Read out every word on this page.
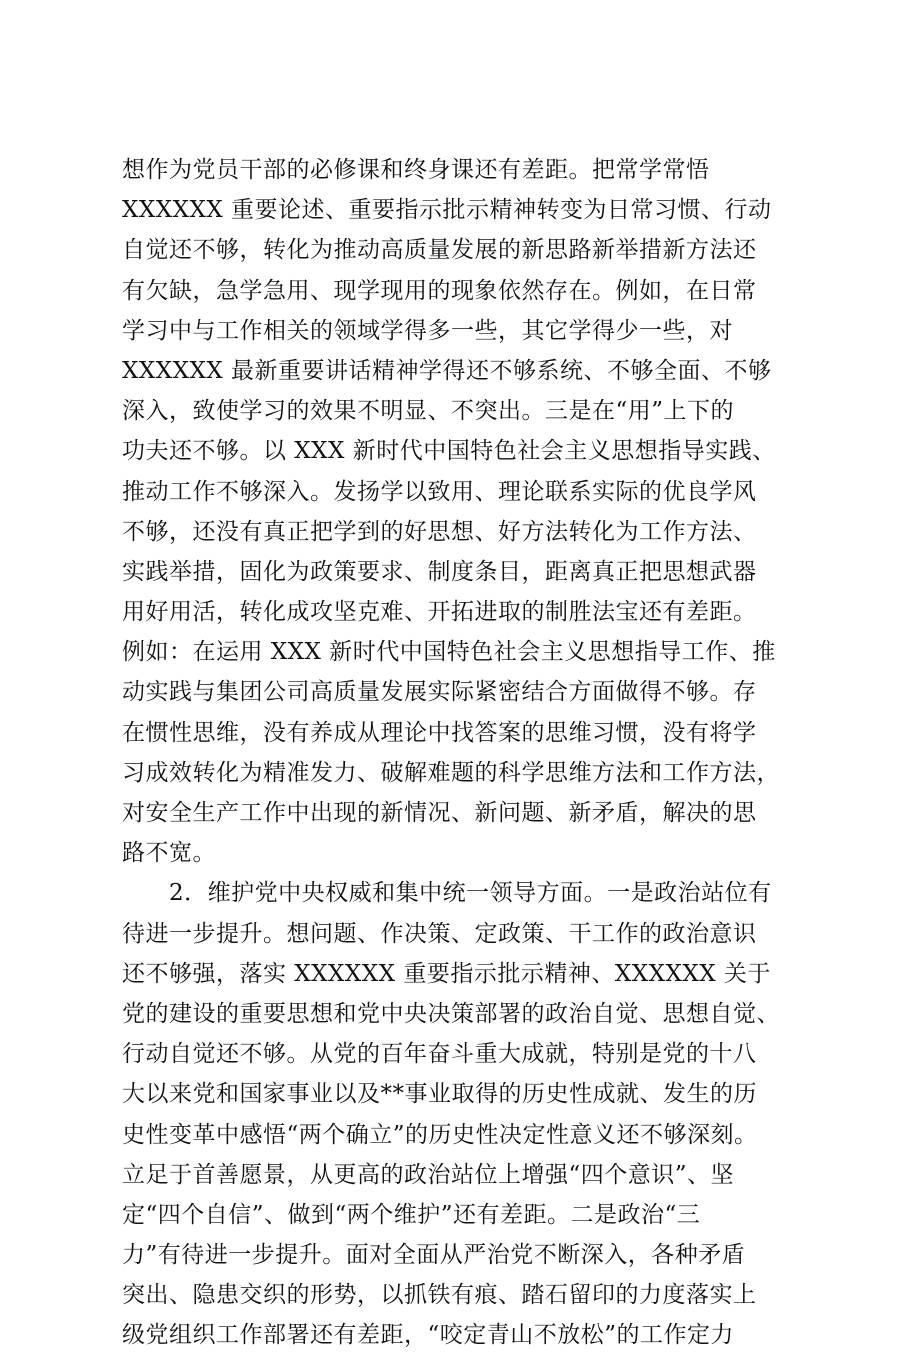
想作为党员干部的必修课和终身课还有差距。把常学常悟
XXXXXX 重要论述、重要指示批示精神转变为日常习惯、行动
自觉还不够，转化为推动高质量发展的新思路新举措新方法还
有欠缺，急学急用、现学现用的现象依然存在。例如，在日常
学习中与工作相关的领域学得多一些，其它学得少一些，对
XXXXXX 最新重要讲话精神学得还不够系统、不够全面、不够
深入，致使学习的效果不明显、不突出。三是在“用”上下的
功夫还不够。以 XXX 新时代中国特色社会主义思想指导实践、
推动工作不够深入。发扬学以致用、理论联系实际的优良学风
不够，还没有真正把学到的好思想、好方法转化为工作方法、
实践举措，固化为政策要求、制度条目，距离真正把思想武器
用好用活，转化成攻坚克难、开拓进取的制胜法宝还有差距。
例如：在运用 XXX 新时代中国特色社会主义思想指导工作、推
动实践与集团公司高质量发展实际紧密结合方面做得不够。存
在惯性思维，没有养成从理论中找答案的思维习惯，没有将学
习成效转化为精准发力、破解难题的科学思维方法和工作方法，
对安全生产工作中出现的新情况、新问题、新矛盾，解决的思
路不宽。
　　2．维护党中央权威和集中统一领导方面。一是政治站位有
待进一步提升。想问题、作决策、定政策、干工作的政治意识
还不够强，落实 XXXXXX 重要指示批示精神、XXXXXX 关于
党的建设的重要思想和党中央决策部署的政治自觉、思想自觉、
行动自觉还不够。从党的百年奋斗重大成就，特别是党的十八
大以来党和国家事业以及**事业取得的历史性成就、发生的历
史性变革中感悟“两个确立”的历史性决定性意义还不够深刻。
立足于首善愿景，从更高的政治站位上增强“四个意识”、坚
定“四个自信”、做到“两个维护”还有差距。二是政治“三
力”有待进一步提升。面对全面从严治党不断深入，各种矛盾
突出、隐患交织的形势，以抓铁有痕、踏石留印的力度落实上
级党组织工作部署还有差距，“咬定青山不放松”的工作定力
